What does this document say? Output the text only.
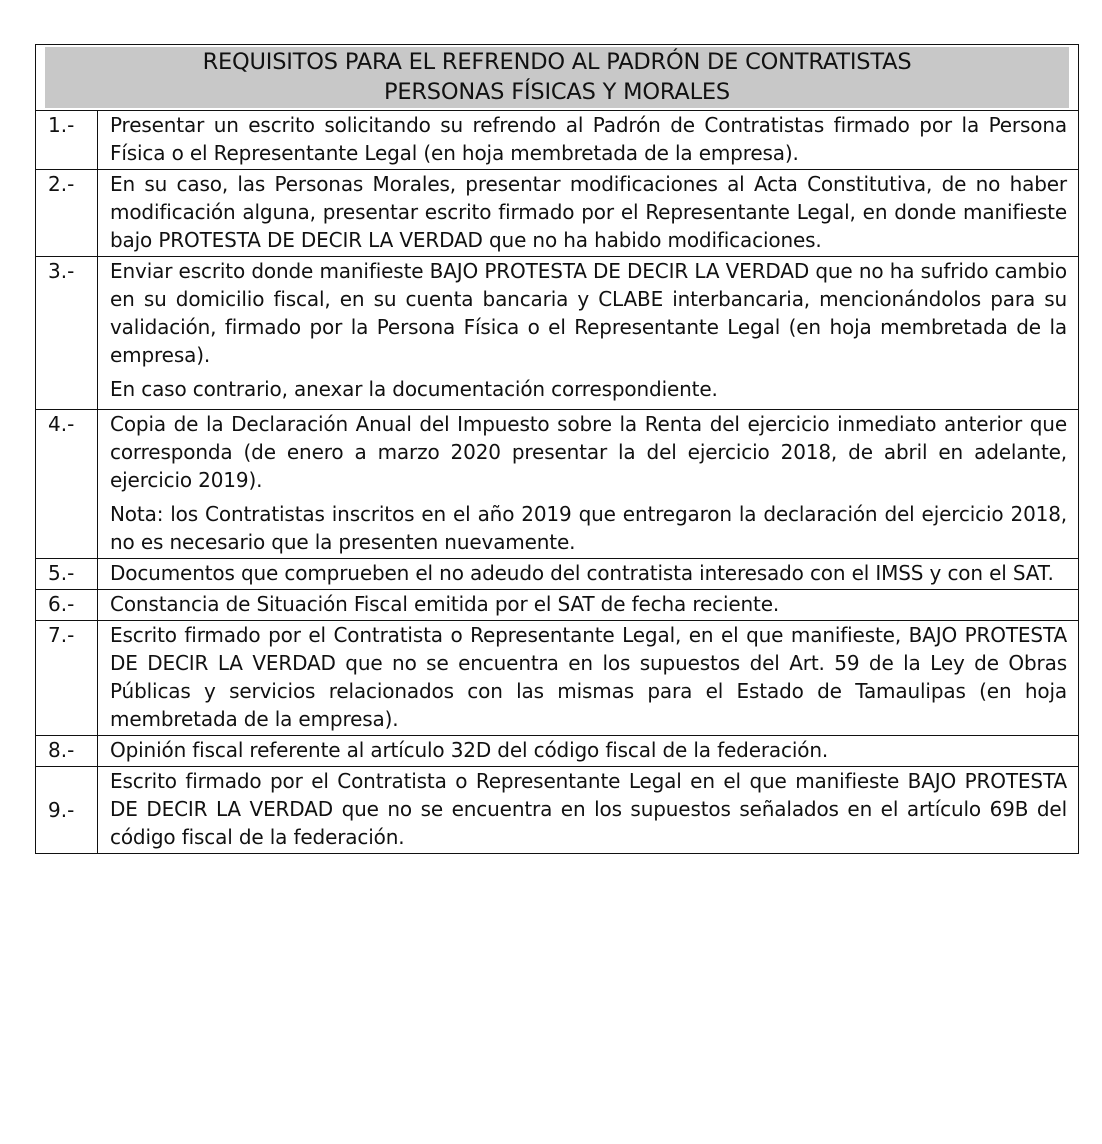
REQUISITOS PARA EL REFRENDO AL PADRÓN DE CONTRATISTAS
PERSONAS FÍSICAS Y MORALES	

1.-	Presentar un escrito solicitando su refrendo al Padrón de Contratistas firmado por la Persona Física o el Representante Legal (en hoja membretada de la empresa).

2.-	En su caso, las Personas Morales, presentar modificaciones al Acta Constitutiva, de no haber modificación alguna, presentar escrito firmado por el Representante Legal, en donde manifieste bajo PROTESTA DE DECIR LA VERDAD que no ha habido modificaciones.

3.-	Enviar escrito donde manifieste BAJO PROTESTA DE DECIR LA VERDAD que no ha sufrido cambio en su domicilio fiscal, en su cuenta bancaria y CLABE interbancaria, mencionándolos para su validación, firmado por la Persona Física o el Representante Legal (en hoja membretada de la empresa).

En caso contrario, anexar la documentación correspondiente.

4.-	Copia de la Declaración Anual del Impuesto sobre la Renta del ejercicio inmediato anterior que corresponda (de enero a marzo 2020 presentar la del ejercicio 2018, de abril en adelante, ejercicio 2019).

Nota: los Contratistas inscritos en el año 2019 que entregaron la declaración del ejercicio 2018, no es necesario que la presenten nuevamente.

5.-	Documentos que comprueben el no adeudo del contratista interesado con el IMSS y con el SAT.

6.-	Constancia de Situación Fiscal emitida por el SAT de fecha reciente.

7.-	Escrito firmado por el Contratista o Representante Legal, en el que manifieste, BAJO PROTESTA DE DECIR LA VERDAD que no se encuentra en los supuestos del Art. 59 de la Ley de Obras Públicas y servicios relacionados con las mismas para el Estado de Tamaulipas (en hoja membretada de la empresa).

8.-	Opinión fiscal referente al artículo 32D del código fiscal de la federación.

9.-	Escrito firmado por el Contratista o Representante Legal en el que manifieste BAJO PROTESTA DE DECIR LA VERDAD que no se encuentra en los supuestos señalados en el artículo 69B del código fiscal de la federación.
